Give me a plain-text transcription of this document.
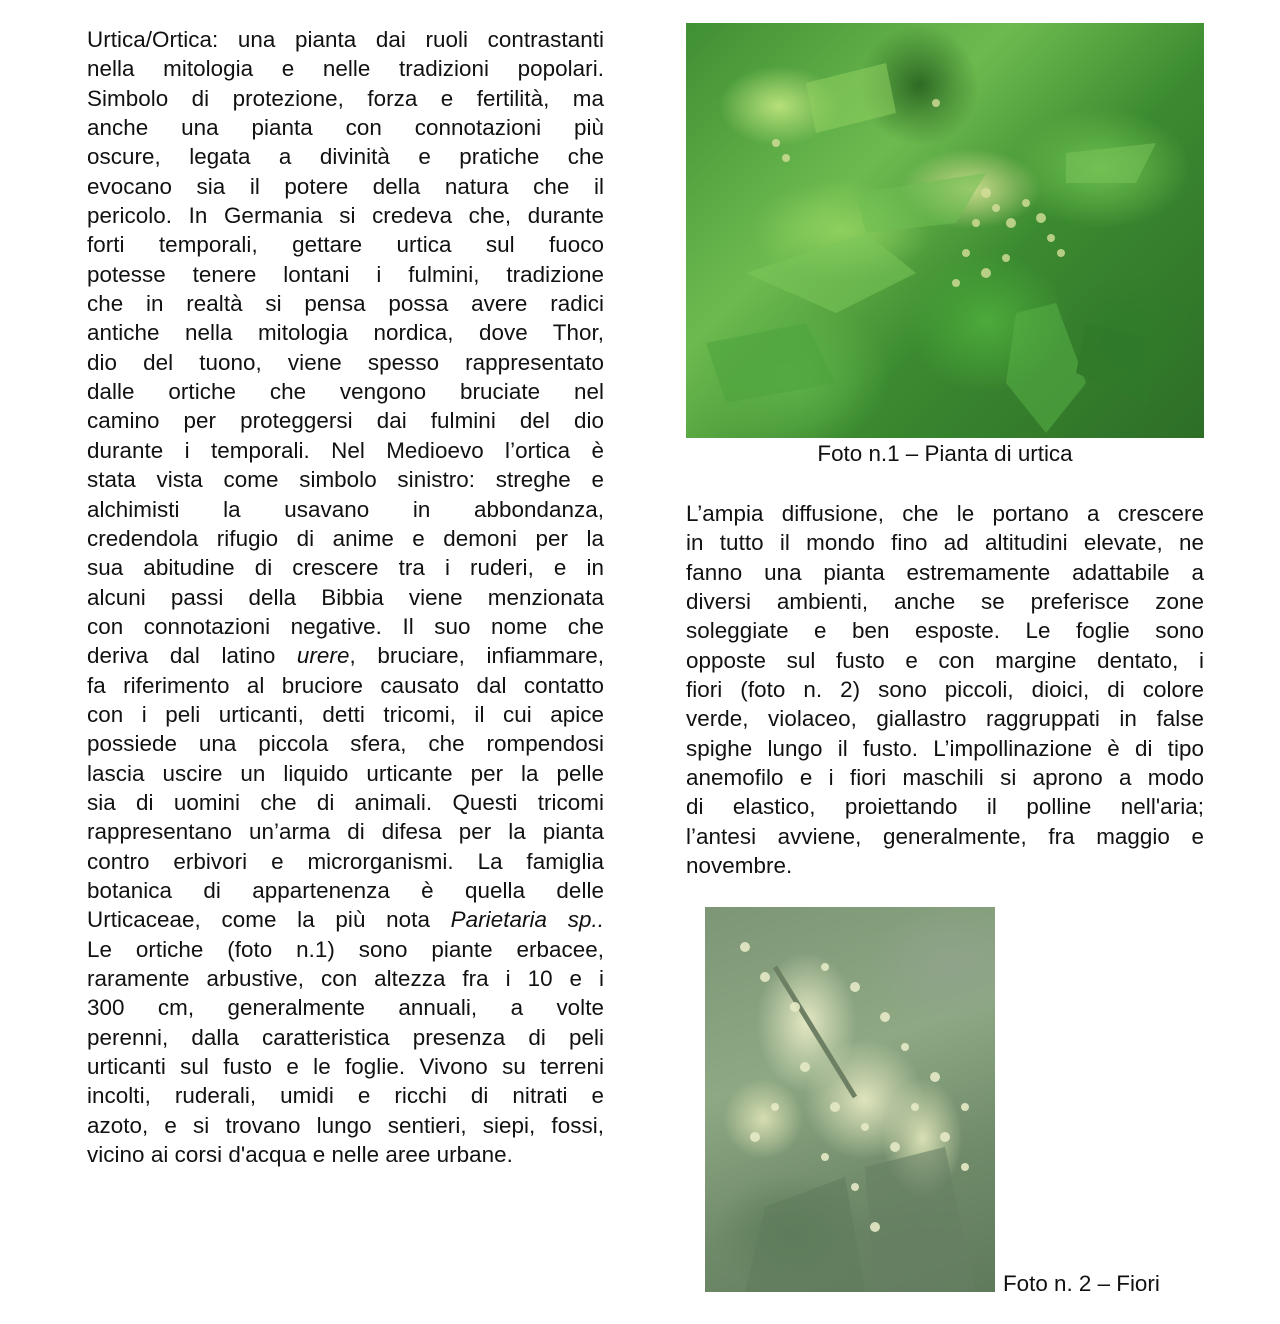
Foto n.1 – Pianta di urtica
Foto n. 2 – Fiori
Urtica/Ortica: una pianta dai ruoli contrastanti
nella mitologia e nelle tradizioni popolari.
Simbolo di protezione, forza e fertilità, ma
anche una pianta con connotazioni più
oscure, legata a divinità e pratiche che
evocano sia il potere della natura che il
pericolo. In Germania si credeva che, durante
forti temporali, gettare urtica sul fuoco
potesse tenere lontani i fulmini, tradizione
che in realtà si pensa possa avere radici
antiche nella mitologia nordica, dove Thor,
dio del tuono, viene spesso rappresentato
dalle ortiche che vengono bruciate nel
camino per proteggersi dai fulmini del dio
durante i temporali. Nel Medioevo l’ortica è
stata vista come simbolo sinistro: streghe e
alchimisti la usavano in abbondanza,
credendola rifugio di anime e demoni per la
sua abitudine di crescere tra i ruderi, e in
alcuni passi della Bibbia viene menzionata
con connotazioni negative. Il suo nome che
deriva dal latino urere, bruciare, infiammare,
fa riferimento al bruciore causato dal contatto
con i peli urticanti, detti tricomi, il cui apice
possiede una piccola sfera, che rompendosi
lascia uscire un liquido urticante per la pelle
sia di uomini che di animali. Questi tricomi
rappresentano un’arma di difesa per la pianta
contro erbivori e microrganismi. La famiglia
botanica di appartenenza è quella delle
Urticaceae, come la più nota Parietaria sp..
Le ortiche (foto n.1) sono piante erbacee,
raramente arbustive, con altezza fra i 10 e i
300 cm, generalmente annuali, a volte
perenni, dalla caratteristica presenza di peli
urticanti sul fusto e le foglie. Vivono su terreni
incolti, ruderali, umidi e ricchi di nitrati e
azoto, e si trovano lungo sentieri, siepi, fossi,
vicino ai corsi d'acqua e nelle aree urbane.
L’ampia diffusione, che le portano a crescere
in tutto il mondo fino ad altitudini elevate, ne
fanno una pianta estremamente adattabile a
diversi ambienti, anche se preferisce zone
soleggiate e ben esposte. Le foglie sono
opposte sul fusto e con margine dentato, i
fiori (foto n. 2) sono piccoli, dioici, di colore
verde, violaceo, giallastro raggruppati in false
spighe lungo il fusto. L’impollinazione è di tipo
anemofilo e i fiori maschili si aprono a modo
di elastico, proiettando il polline nell'aria;
l’antesi avviene, generalmente, fra maggio e
novembre.
